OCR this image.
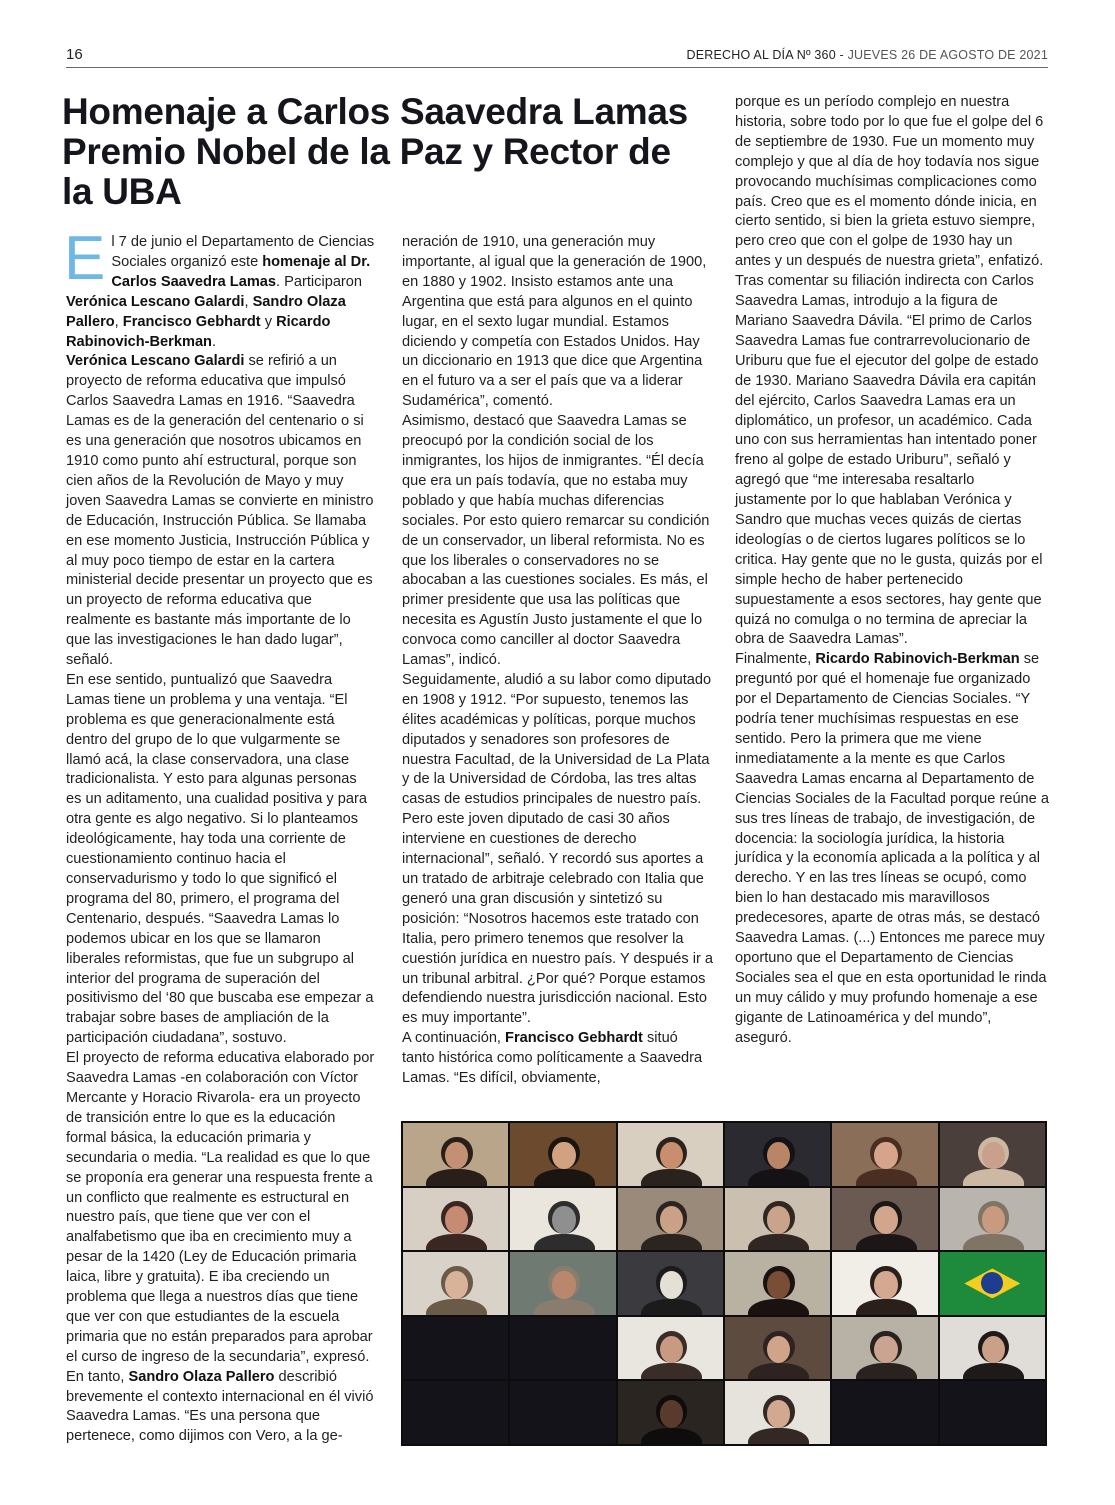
16	DERECHO AL DÍA Nº 360 - JUEVES 26 DE AGOSTO DE 2021
Homenaje a Carlos Saavedra Lamas Premio Nobel de la Paz y Rector de la UBA

El 7 de junio el Departamento de Ciencias Sociales organizó este homenaje al Dr. Carlos Saavedra Lamas. Participaron Verónica Lescano Galardi, Sandro Olaza Pallero, Francisco Gebhardt y Ricardo Rabinovich-Berkman.

Verónica Lescano Galardi se refirió a un proyecto de reforma educativa que impulsó Carlos Saavedra Lamas en 1916. “Saavedra Lamas es de la generación del centenario o si es una generación que nosotros ubicamos en 1910 como punto ahí estructural, porque son cien años de la Revolución de Mayo y muy joven Saavedra Lamas se convierte en ministro de Educación, Instrucción Pública. Se llamaba en ese momento Justicia, Instrucción Pública y al muy poco tiempo de estar en la cartera ministerial decide presentar un proyecto que es un proyecto de reforma educativa que realmente es bastante más importante de lo que las investigaciones le han dado lugar”, señaló.

En ese sentido, puntualizó que Saavedra Lamas tiene un problema y una ventaja. “El problema es que generacionalmente está dentro del grupo de lo que vulgarmente se llamó acá, la clase conservadora, una clase tradicionalista. Y esto para algunas personas es un aditamento, una cualidad positiva y para otra gente es algo negativo. Si lo planteamos ideológicamente, hay toda una corriente de cuestionamiento continuo hacia el conservadurismo y todo lo que significó el programa del 80, primero, el programa del Centenario, después. “Saavedra Lamas lo podemos ubicar en los que se llamaron liberales reformistas, que fue un subgrupo al interior del programa de superación del positivismo del ‘80 que buscaba ese empezar a trabajar sobre bases de ampliación de la participación ciudadana”, sostuvo.

El proyecto de reforma educativa elaborado por Saavedra Lamas -en colaboración con Víctor Mercante y Horacio Rivarola- era un proyecto de transición entre lo que es la educación formal básica, la educación primaria y secundaria o media. “La realidad es que lo que se proponía era generar una respuesta frente a un conflicto que realmente es estructural en nuestro país, que tiene que ver con el analfabetismo que iba en crecimiento muy a pesar de la 1420 (Ley de Educación primaria laica, libre y gratuita). E iba creciendo un problema que llega a nuestros días que tiene que ver con que estudiantes de la escuela primaria que no están preparados para aprobar el curso de ingreso de la secundaria”, expresó.

En tanto, Sandro Olaza Pallero describió brevemente el contexto internacional en él vivió Saavedra Lamas. “Es una persona que pertenece, como dijimos con Vero, a la ge-

neración de 1910, una generación muy importante, al igual que la generación de 1900, en 1880 y 1902. Insisto estamos ante una Argentina que está para algunos en el quinto lugar, en el sexto lugar mundial. Estamos diciendo y competía con Estados Unidos. Hay un diccionario en 1913 que dice que Argentina en el futuro va a ser el país que va a liderar Sudamérica”, comentó.

Asimismo, destacó que Saavedra Lamas se preocupó por la condición social de los inmigrantes, los hijos de inmigrantes. “Él decía que era un país todavía, que no estaba muy poblado y que había muchas diferencias sociales. Por esto quiero remarcar su condición de un conservador, un liberal reformista. No es que los liberales o conservadores no se abocaban a las cuestiones sociales. Es más, el primer presidente que usa las políticas que necesita es Agustín Justo justamente el que lo convoca como canciller al doctor Saavedra Lamas”, indicó.

Seguidamente, aludió a su labor como diputado en 1908 y 1912. “Por supuesto, tenemos las élites académicas y políticas, porque muchos diputados y senadores son profesores de nuestra Facultad, de la Universidad de La Plata y de la Universidad de Córdoba, las tres altas casas de estudios principales de nuestro país. Pero este joven diputado de casi 30 años interviene en cuestiones de derecho internacional”, señaló. Y recordó sus aportes a un tratado de arbitraje celebrado con Italia que generó una gran discusión y sintetizó su posición: “Nosotros hacemos este tratado con Italia, pero primero tenemos que resolver la cuestión jurídica en nuestro país. Y después ir a un tribunal arbitral. ¿Por qué? Porque estamos defendiendo nuestra jurisdicción nacional. Esto es muy importante”.

A continuación, Francisco Gebhardt situó tanto histórica como políticamente a Saavedra Lamas. “Es difícil, obviamente,

porque es un período complejo en nuestra historia, sobre todo por lo que fue el golpe del 6 de septiembre de 1930. Fue un momento muy complejo y que al día de hoy todavía nos sigue provocando muchísimas complicaciones como país. Creo que es el momento dónde inicia, en cierto sentido, si bien la grieta estuvo siempre, pero creo que con el golpe de 1930 hay un antes y un después de nuestra grieta”, enfatizó.

Tras comentar su filiación indirecta con Carlos Saavedra Lamas, introdujo a la figura de Mariano Saavedra Dávila. “El primo de Carlos Saavedra Lamas fue contrarrevolucionario de Uriburu que fue el ejecutor del golpe de estado de 1930. Mariano Saavedra Dávila era capitán del ejército, Carlos Saavedra Lamas era un diplomático, un profesor, un académico. Cada uno con sus herramientas han intentado poner freno al golpe de estado Uriburu”, señaló y agregó que “me interesaba resaltarlo justamente por lo que hablaban Verónica y Sandro que muchas veces quizás de ciertas ideologías o de ciertos lugares políticos se lo critica. Hay gente que no le gusta, quizás por el simple hecho de haber pertenecido supuestamente a esos sectores, hay gente que quizá no comulga o no termina de apreciar la obra de Saavedra Lamas”.

Finalmente, Ricardo Rabinovich-Berkman se preguntó por qué el homenaje fue organizado por el Departamento de Ciencias Sociales. “Y podría tener muchísimas respuestas en ese sentido. Pero la primera que me viene inmediatamente a la mente es que Carlos Saavedra Lamas encarna al Departamento de Ciencias Sociales de la Facultad porque reúne a sus tres líneas de trabajo, de investigación, de docencia: la sociología jurídica, la historia jurídica y la economía aplicada a la política y al derecho. Y en las tres líneas se ocupó, como bien lo han destacado mis maravillosos predecesores, aparte de otras más, se destacó Saavedra Lamas. (...) Entonces me parece muy oportuno que el Departamento de Ciencias Sociales sea el que en esta oportunidad le rinda un muy cálido y muy profundo homenaje a ese gigante de Latinoamérica y del mundo”, aseguró.
